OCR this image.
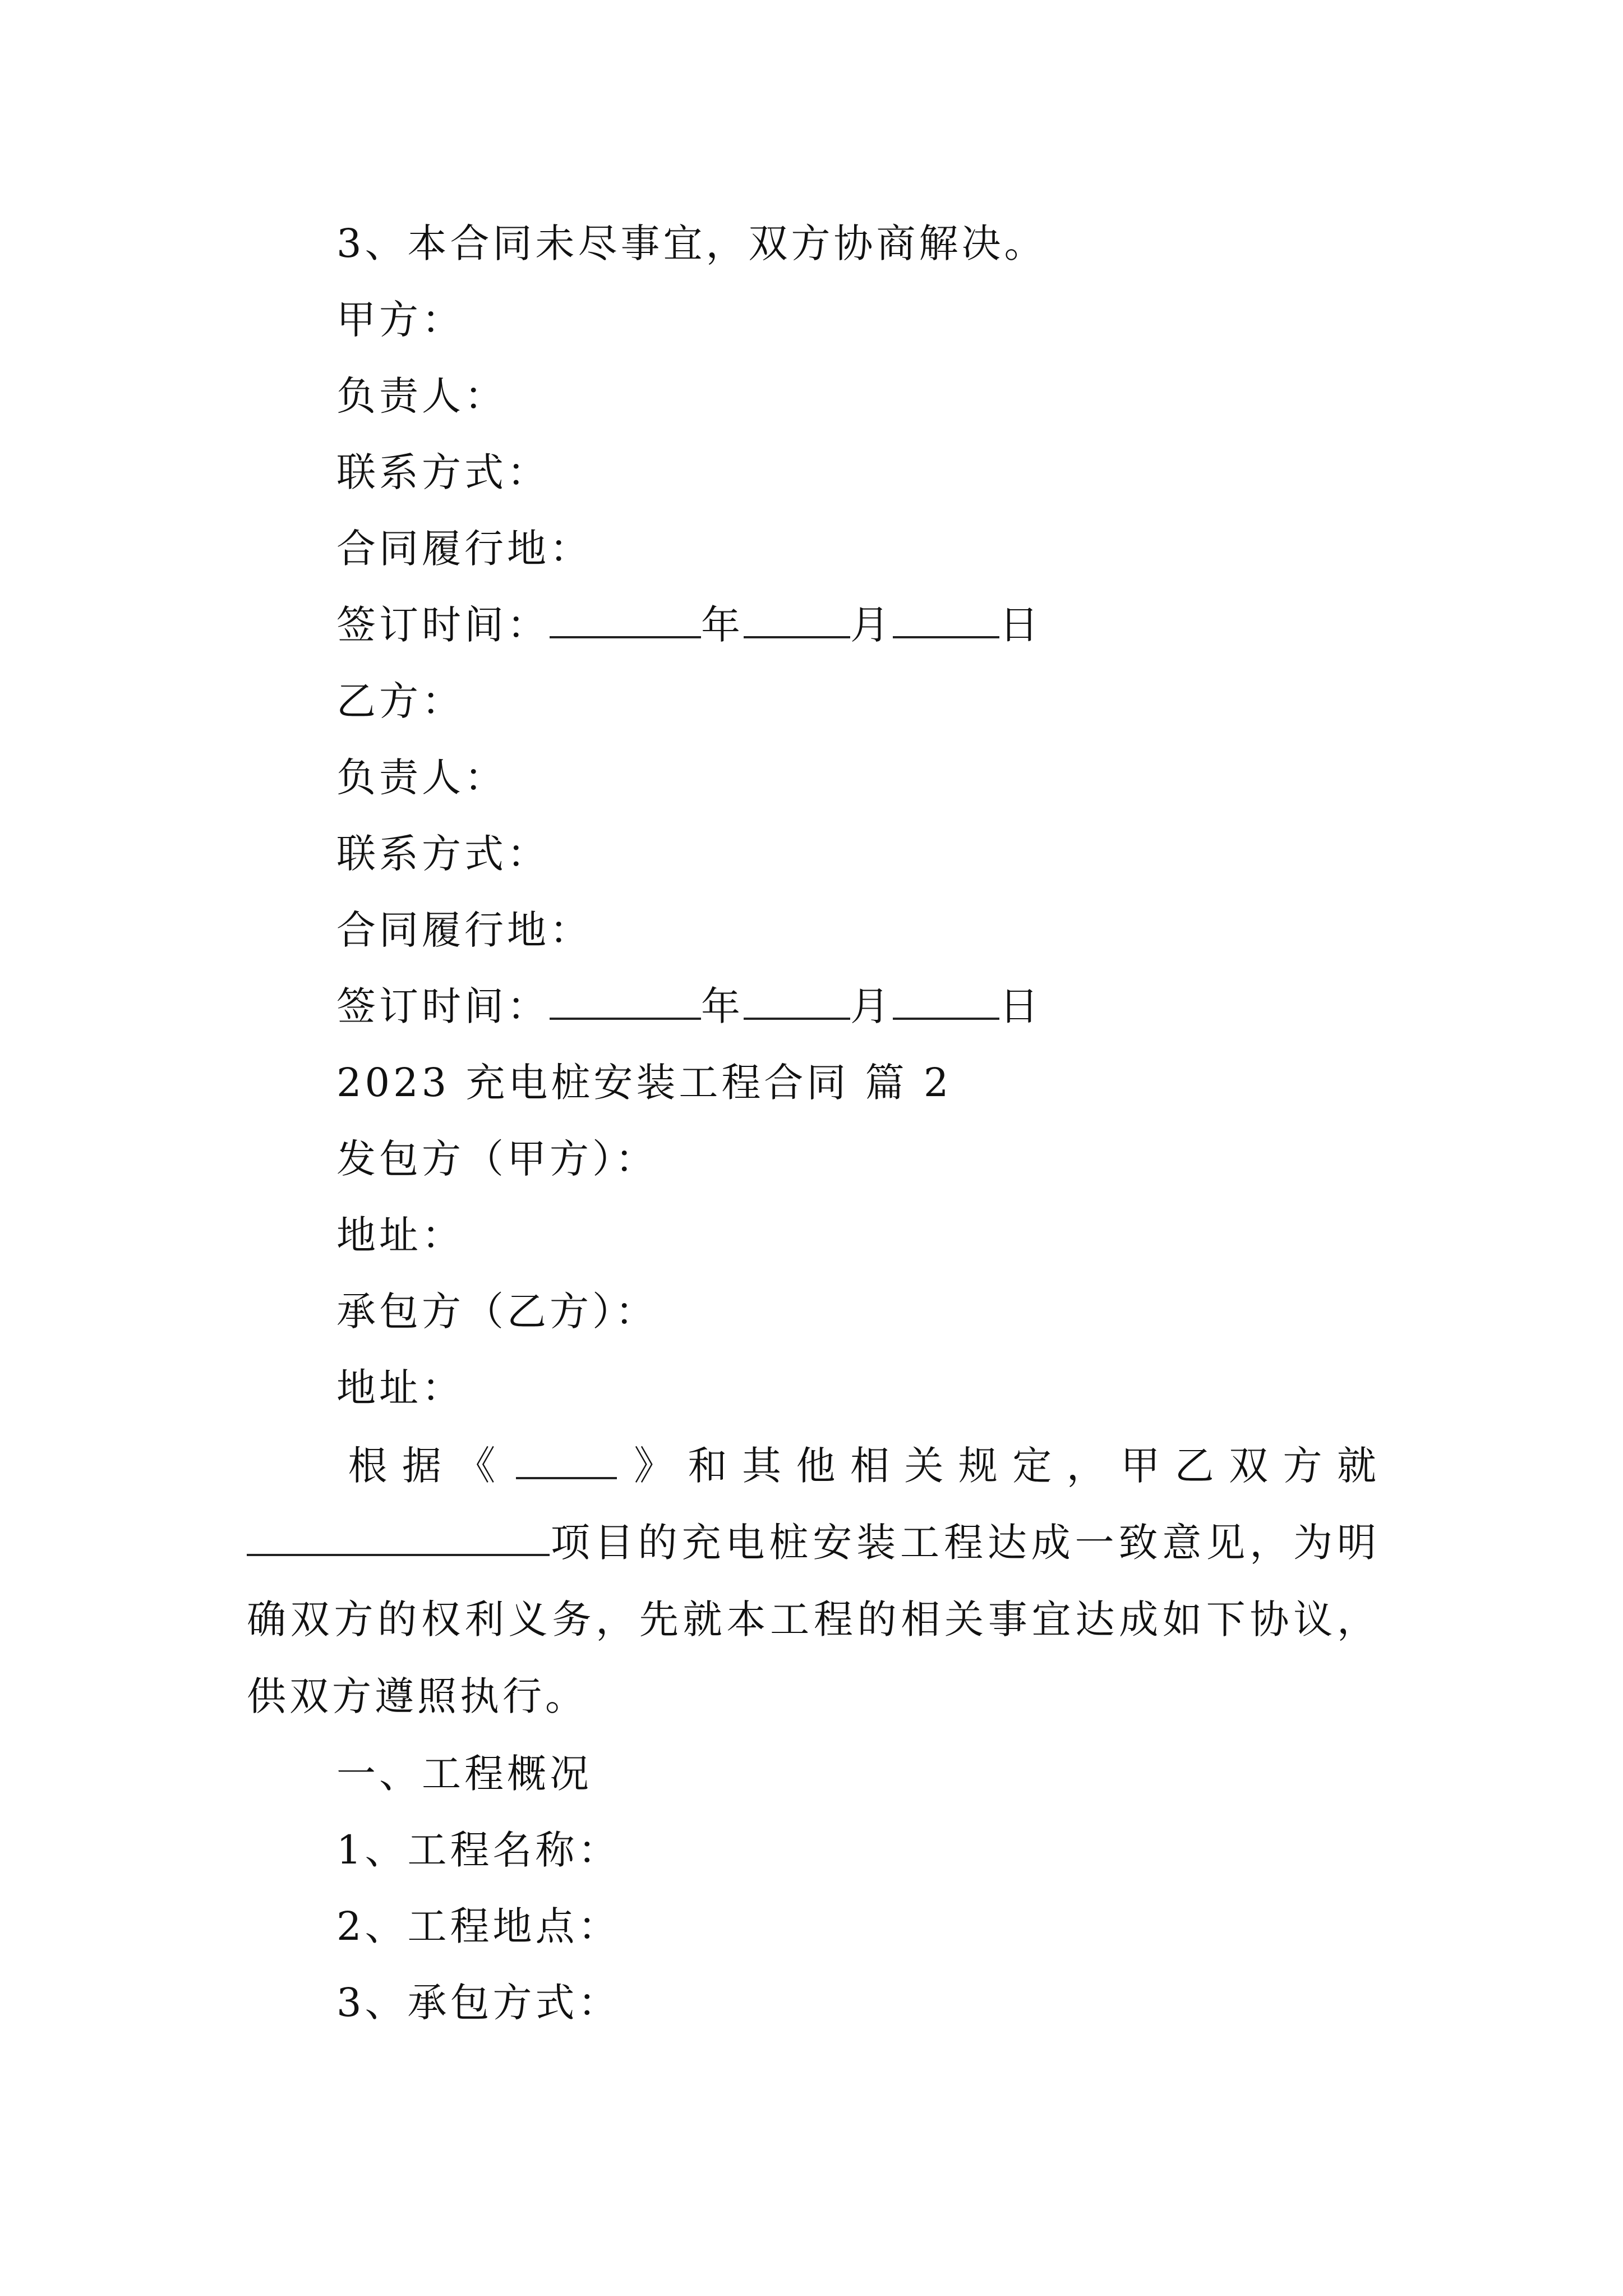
3、本合同未尽事宜，双方协商解决。
甲方：
负责人：
联系方式：
合同履行地：
签订时间：	年	月	日
乙方：
负责人：
联系方式：
合同履行地：
签订时间：	年	月	日
2023 充电桩安装工程合同 篇 2
发包方（甲方）：
地址：
承包方（乙方）：
地址：
根据《	》和其他相关规定，甲乙双方就项目的充电桩安装工程达成一致意见，为明确双方的权利义务，先就本工程的相关事宜达成如下协议，供双方遵照执行。
一、工程概况
1、工程名称：
2、工程地点：
3、承包方式：
